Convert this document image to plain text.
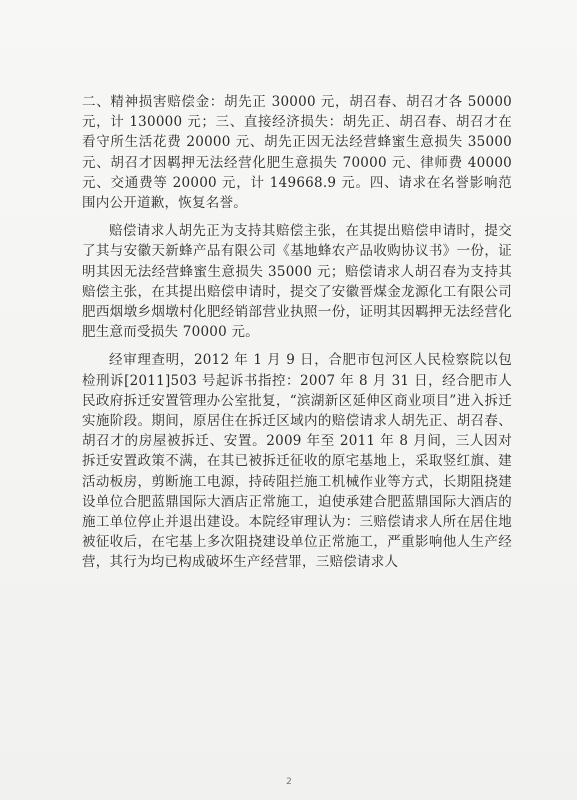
二、精神损害赔偿金：胡先正 30000 元，胡召春、胡召才各 50000 元，计 130000 元；三、直接经济损失：胡先正、胡召春、胡召才在看守所生活花费 20000 元、胡先正因无法经营蜂蜜生意损失 35000 元、胡召才因羁押无法经营化肥生意损失 70000 元、律师费 40000 元、交通费等 20000 元，计 149668.9 元。四、请求在名誉影响范围内公开道歉，恢复名誉。

赔偿请求人胡先正为支持其赔偿主张，在其提出赔偿申请时，提交了其与安徽天新蜂产品有限公司《基地蜂农产品收购协议书》一份，证明其因无法经营蜂蜜生意损失 35000 元；赔偿请求人胡召春为支持其赔偿主张，在其提出赔偿申请时，提交了安徽晋煤金龙源化工有限公司肥西烟墩乡烟墩村化肥经销部营业执照一份，证明其因羁押无法经营化肥生意而受损失 70000 元。

经审理查明，2012 年 1 月 9 日，合肥市包河区人民检察院以包检刑诉[2011]503 号起诉书指控：2007 年 8 月 31 日，经合肥市人民政府拆迁安置管理办公室批复，“滨湖新区延伸区商业项目”进入拆迁实施阶段。期间，原居住在拆迁区域内的赔偿请求人胡先正、胡召春、胡召才的房屋被拆迁、安置。2009 年至 2011 年 8 月间，三人因对拆迁安置政策不满，在其已被拆迁征收的原宅基地上，采取竖红旗、建活动板房，剪断施工电源，持砖阻拦施工机械作业等方式，长期阻挠建设单位合肥蓝鼎国际大酒店正常施工，迫使承建合肥蓝鼎国际大酒店的施工单位停止并退出建设。本院经审理认为：三赔偿请求人所在居住地被征收后，在宅基上多次阻挠建设单位正常施工，严重影响他人生产经营，其行为均已构成破坏生产经营罪，三赔偿请求人

2
